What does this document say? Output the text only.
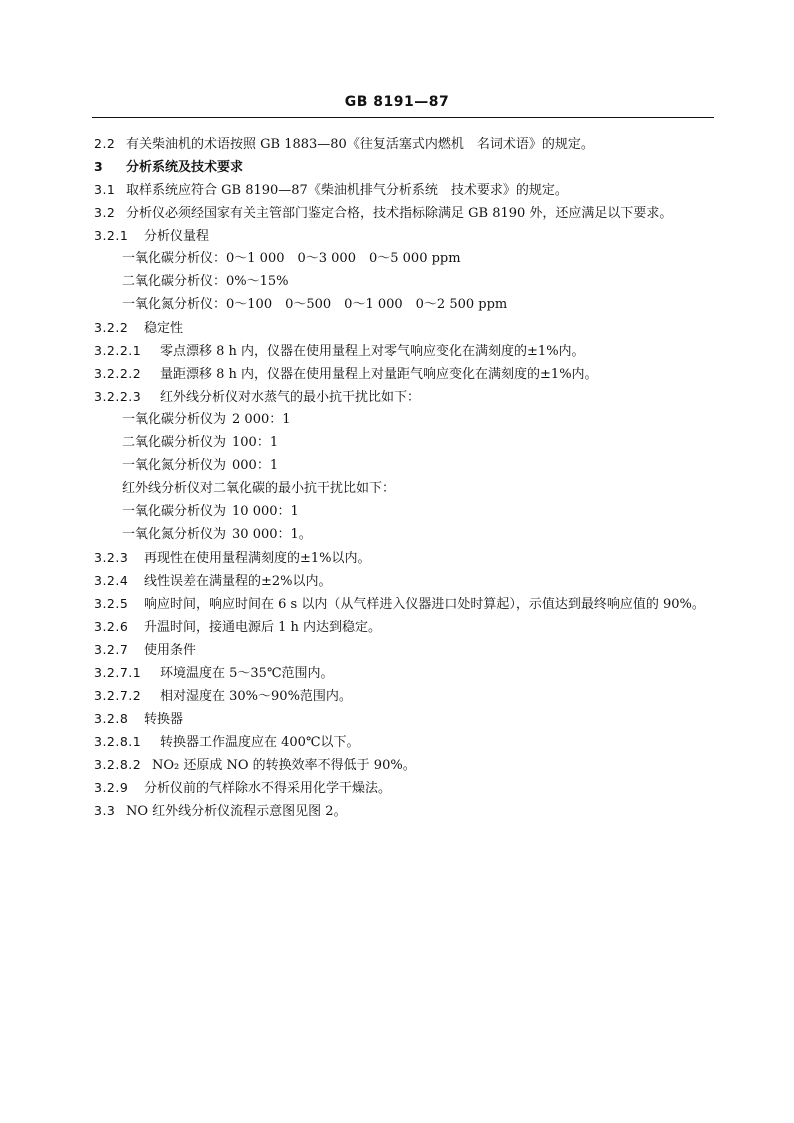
GB 8191—87
2.2 有关柴油机的术语按照 GB 1883—80《往复活塞式内燃机　名词术语》的规定。
3 分析系统及技术要求
3.1 取样系统应符合 GB 8190—87《柴油机排气分析系统　技术要求》的规定。
3.2 分析仪必须经国家有关主管部门鉴定合格，技术指标除满足 GB 8190 外，还应满足以下要求。
3.2.1 分析仪量程
一氧化碳分析仪：0～1 000　0～3 000　0～5 000 ppm
二氧化碳分析仪：0%～15%
一氧化氮分析仪：0～100　0～500　0～1 000　0～2 500 ppm
3.2.2 稳定性
3.2.2.1 零点漂移 8 h 内，仪器在使用量程上对零气响应变化在满刻度的±1%内。
3.2.2.2 量距漂移 8 h 内，仪器在使用量程上对量距气响应变化在满刻度的±1%内。
3.2.2.3 红外线分析仪对水蒸气的最小抗干扰比如下：
一氧化碳分析仪为 2 000：1
二氧化碳分析仪为 100：1
一氧化氮分析仪为 000：1
红外线分析仪对二氧化碳的最小抗干扰比如下：
一氧化碳分析仪为 10 000：1
一氧化氮分析仪为 30 000：1。
3.2.3 再现性在使用量程满刻度的±1%以内。
3.2.4 线性误差在满量程的±2%以内。
3.2.5 响应时间，响应时间在 6 s 以内（从气样进入仪器进口处时算起），示值达到最终响应值的 90%。
3.2.6 升温时间，接通电源后 1 h 内达到稳定。
3.2.7 使用条件
3.2.7.1 环境温度在 5～35℃范围内。
3.2.7.2 相对湿度在 30%～90%范围内。
3.2.8 转换器
3.2.8.1 转换器工作温度应在 400℃以下。
3.2.8.2 NO₂ 还原成 NO 的转换效率不得低于 90%。
3.2.9 分析仪前的气样除水不得采用化学干燥法。
3.3 NO 红外线分析仪流程示意图见图 2。
